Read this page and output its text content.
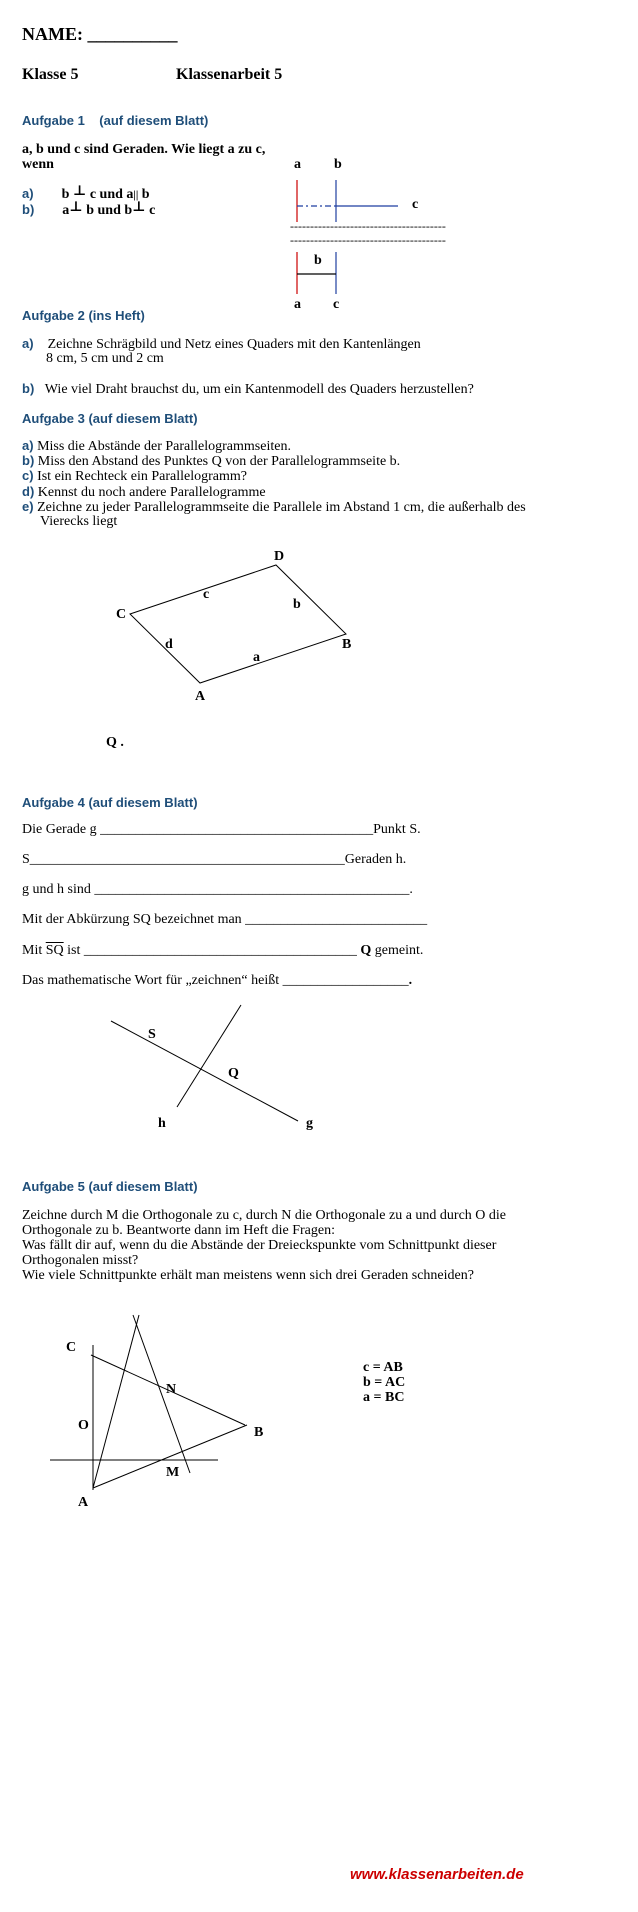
NAME: __________
Klasse 5	Klassenarbeit 5
Aufgabe 1 (auf diesem Blatt)
a, b und c sind Geraden. Wie liegt a zu c,
wenn
a) b ⊥ c und a|| b
b) a⊥ b und b⊥ c
a b
c
---------------------------------------
---------------------------------------
b
a c
Aufgabe 2 (ins Heft)
a) Zeichne Schrägbild und Netz eines Quaders mit den Kantenlängen
8 cm, 5 cm und 2 cm
b) Wie viel Draht brauchst du, um ein Kantenmodell des Quaders herzustellen?
Aufgabe 3 (auf diesem Blatt)
a) Miss die Abstände der Parallelogrammseiten.
b) Miss den Abstand des Punktes Q von der Parallelogrammseite b.
c) Ist ein Rechteck ein Parallelogramm?
d) Kennst du noch andere Parallelogramme
e) Zeichne zu jeder Parallelogrammseite die Parallele im Abstand 1 cm, die außerhalb des
Vierecks liegt
D
C
B
A
c
b
d
a
Q .
Aufgabe 4 (auf diesem Blatt)
Die Gerade g _______________________________________Punkt S.
S_____________________________________________Geraden h.
g und h sind _____________________________________________.
Mit der Abkürzung SQ bezeichnet man __________________________
Mit $\overline{SQ}$ ist _______________________________________ Q gemeint.
Das mathematische Wort für „zeichnen“ heißt __________________.
S
Q
h	g
Aufgabe 5 (auf diesem Blatt)
Zeichne durch M die Orthogonale zu c, durch N die Orthogonale zu a und durch O die
Orthogonale zu b. Beantworte dann im Heft die Fragen:
Was fällt dir auf, wenn du die Abstände der Dreieckspunkte vom Schnittpunkt dieser
Orthogonalen misst?
Wie viele Schnittpunkte erhält man meistens wenn sich drei Geraden schneiden?
C
N
O	B
M
A
c = AB
b = AC
a = BC
www.klassenarbeiten.de
